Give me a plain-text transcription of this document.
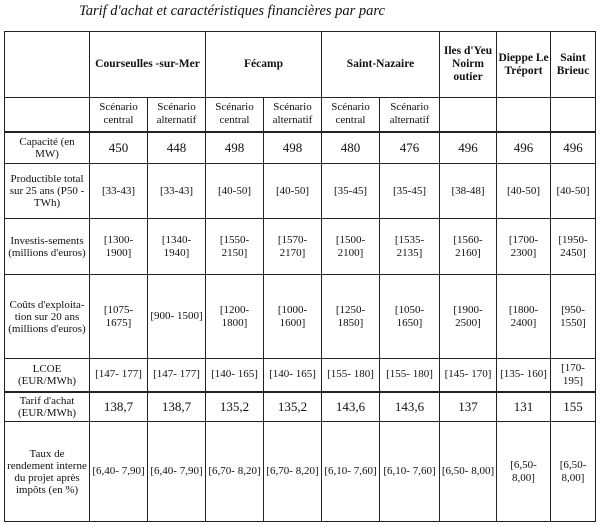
Tarif d'achat et caractéristiques financières par parc
	Courseulles -sur-Mer		Fécamp		Saint-Nazaire		Iles d'Yeu Noirm outier	Dieppe Le Tréport	Saint Brieuc
	Scénario central	Scénario alternatif	Scénario central	Scénario alternatif	Scénario central	Scénario alternatif			
Capacité (en MW)	450	448	498	498	480	476	496	496	496
Productible total sur 25 ans (P50 - TWh)	[33-43]	[33-43]	[40-50]	[40-50]	[35-45]	[35-45]	[38-48]	[40-50]	[40-50]
Investis-sements (millions d'euros)	[1300- 1900]	[1340- 1940]	[1550- 2150]	[1570- 2170]	[1500- 2100]	[1535- 2135]	[1560- 2160]	[1700- 2300]	[1950- 2450]
Coûts d'exploita-tion sur 20 ans (millions d'euros)	[1075- 1675]	[900- 1500]	[1200- 1800]	[1000- 1600]	[1250- 1850]	[1050- 1650]	[1900- 2500]	[1800- 2400]	[950- 1550]
LCOE (EUR/MWh)	[147- 177]	[147- 177]	[140- 165]	[140- 165]	[155- 180]	[155- 180]	[145- 170]	[135- 160]	[170- 195]
Tarif d'achat (EUR/MWh)	138,7	138,7	135,2	135,2	143,6	143,6	137	131	155
Taux de rendement interne du projet après impôts (en %)	[6,40- 7,90]	[6,40- 7,90]	[6,70- 8,20]	[6,70- 8,20]	[6,10- 7,60]	[6,10- 7,60]	[6,50- 8,00]	[6,50- 8,00]	[6,50- 8,00]
